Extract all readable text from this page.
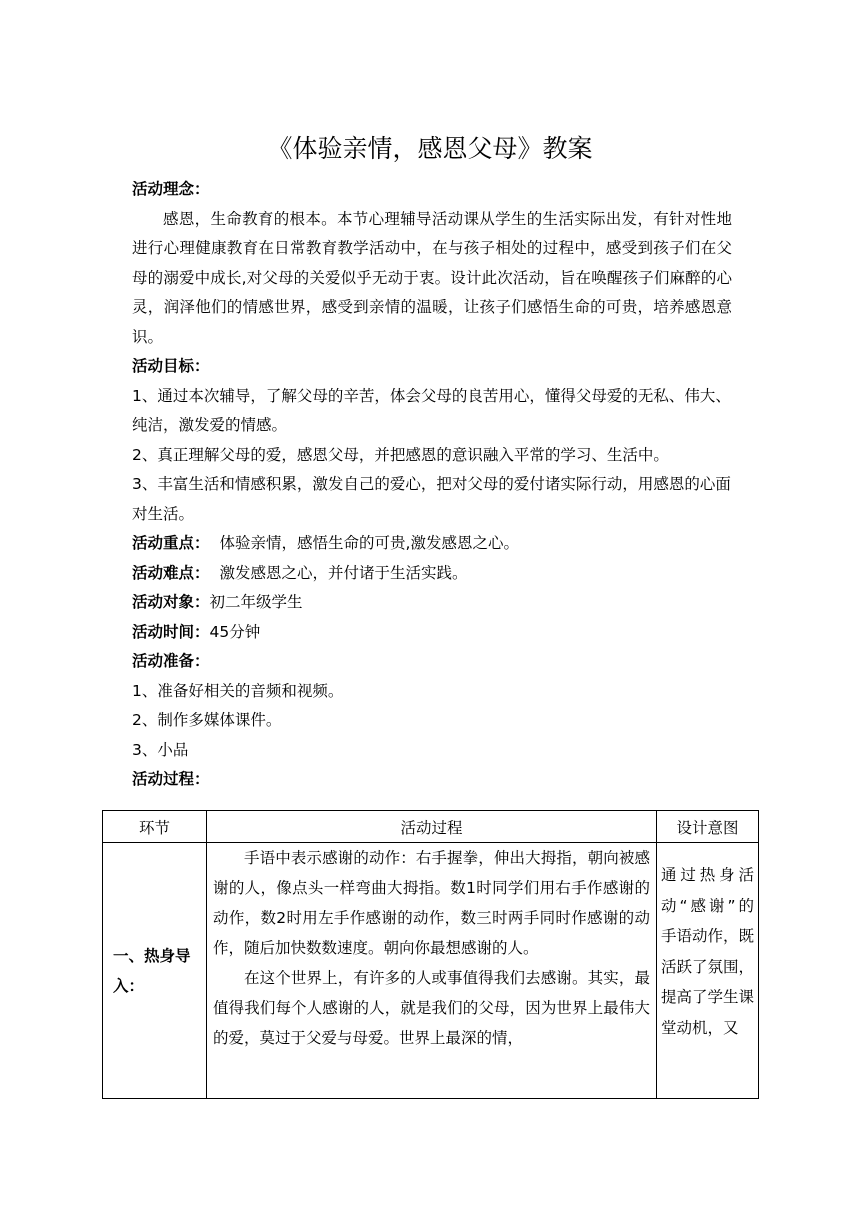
《体验亲情，感恩父母》教案

活动理念：

感恩，生命教育的根本。本节心理辅导活动课从学生的生活实际出发，有针对性地进行心理健康教育在日常教育教学活动中，在与孩子相处的过程中，感受到孩子们在父母的溺爱中成长,对父母的关爱似乎无动于衷。设计此次活动，旨在唤醒孩子们麻醉的心灵，润泽他们的情感世界，感受到亲情的温暖，让孩子们感悟生命的可贵，培养感恩意识。

活动目标：

1、通过本次辅导，了解父母的辛苦，体会父母的良苦用心，懂得父母爱的无私、伟大、纯洁，激发爱的情感。

2、真正理解父母的爱，感恩父母，并把感恩的意识融入平常的学习、生活中。

3、丰富生活和情感积累，激发自己的爱心，把对父母的爱付诸实际行动，用感恩的心面对生活。

活动重点： 体验亲情，感悟生命的可贵,激发感恩之心。

活动难点： 激发感恩之心，并付诸于生活实践。

活动对象：初二年级学生

活动时间：45分钟

活动准备：

1、准备好相关的音频和视频。

2、制作多媒体课件。

3、小品

活动过程：

环节	活动过程	设计意图
一、热身导入：	手语中表示感谢的动作：右手握拳，伸出大拇指，朝向被感谢的人，像点头一样弯曲大拇指。数1时同学们用右手作感谢的动作，数2时用左手作感谢的动作，数三时两手同时作感谢的动作，随后加快数数速度。朝向你最想感谢的人。

在这个世界上，有许多的人或事值得我们去感谢。其实，最值得我们每个人感谢的人，就是我们的父母，因为世界上最伟大的爱，莫过于父爱与母爱。世界上最深的情，	通过热身活动“感谢”的手语动作，既活跃了氛围，提高了学生课堂动机，又
